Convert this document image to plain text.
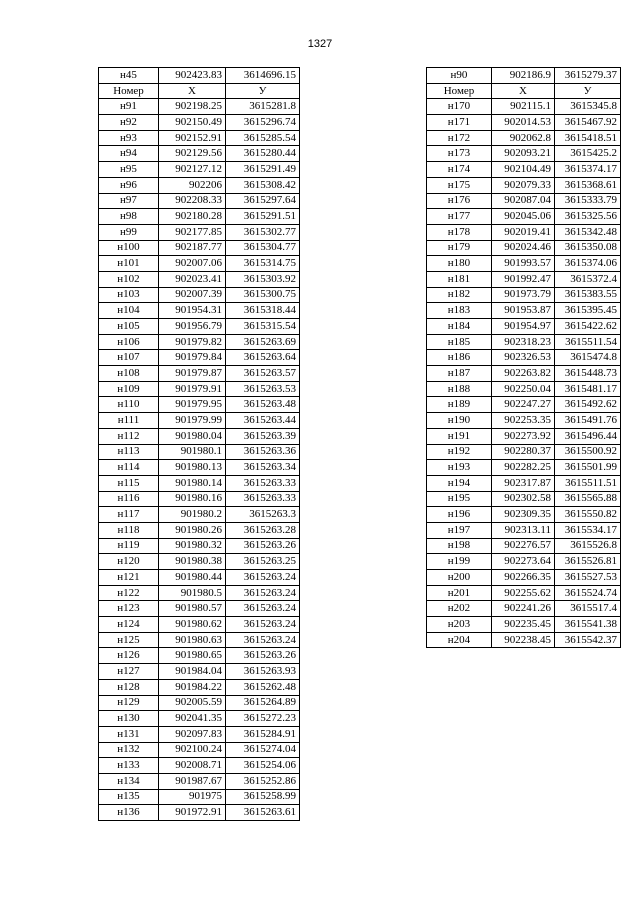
1327
н45	902423.83	3614696.15
Номер	Х	У
н91	902198.25	3615281.8
н92	902150.49	3615296.74
н93	902152.91	3615285.54
н94	902129.56	3615280.44
н95	902127.12	3615291.49
н96	902206	3615308.42
н97	902208.33	3615297.64
н98	902180.28	3615291.51
н99	902177.85	3615302.77
н100	902187.77	3615304.77
н101	902007.06	3615314.75
н102	902023.41	3615303.92
н103	902007.39	3615300.75
н104	901954.31	3615318.44
н105	901956.79	3615315.54
н106	901979.82	3615263.69
н107	901979.84	3615263.64
н108	901979.87	3615263.57
н109	901979.91	3615263.53
н110	901979.95	3615263.48
н111	901979.99	3615263.44
н112	901980.04	3615263.39
н113	901980.1	3615263.36
н114	901980.13	3615263.34
н115	901980.14	3615263.33
н116	901980.16	3615263.33
н117	901980.2	3615263.3
н118	901980.26	3615263.28
н119	901980.32	3615263.26
н120	901980.38	3615263.25
н121	901980.44	3615263.24
н122	901980.5	3615263.24
н123	901980.57	3615263.24
н124	901980.62	3615263.24
н125	901980.63	3615263.24
н126	901980.65	3615263.26
н127	901984.04	3615263.93
н128	901984.22	3615262.48
н129	902005.59	3615264.89
н130	902041.35	3615272.23
н131	902097.83	3615284.91
н132	902100.24	3615274.04
н133	902008.71	3615254.06
н134	901987.67	3615252.86
н135	901975	3615258.99
н136	901972.91	3615263.61
н90	902186.9	3615279.37
Номер	Х	У
н170	902115.1	3615345.8
н171	902014.53	3615467.92
н172	902062.8	3615418.51
н173	902093.21	3615425.2
н174	902104.49	3615374.17
н175	902079.33	3615368.61
н176	902087.04	3615333.79
н177	902045.06	3615325.56
н178	902019.41	3615342.48
н179	902024.46	3615350.08
н180	901993.57	3615374.06
н181	901992.47	3615372.4
н182	901973.79	3615383.55
н183	901953.87	3615395.45
н184	901954.97	3615422.62
н185	902318.23	3615511.54
н186	902326.53	3615474.8
н187	902263.82	3615448.73
н188	902250.04	3615481.17
н189	902247.27	3615492.62
н190	902253.35	3615491.76
н191	902273.92	3615496.44
н192	902280.37	3615500.92
н193	902282.25	3615501.99
н194	902317.87	3615511.51
н195	902302.58	3615565.88
н196	902309.35	3615550.82
н197	902313.11	3615534.17
н198	902276.57	3615526.8
н199	902273.64	3615526.81
н200	902266.35	3615527.53
н201	902255.62	3615524.74
н202	902241.26	3615517.4
н203	902235.45	3615541.38
н204	902238.45	3615542.37
